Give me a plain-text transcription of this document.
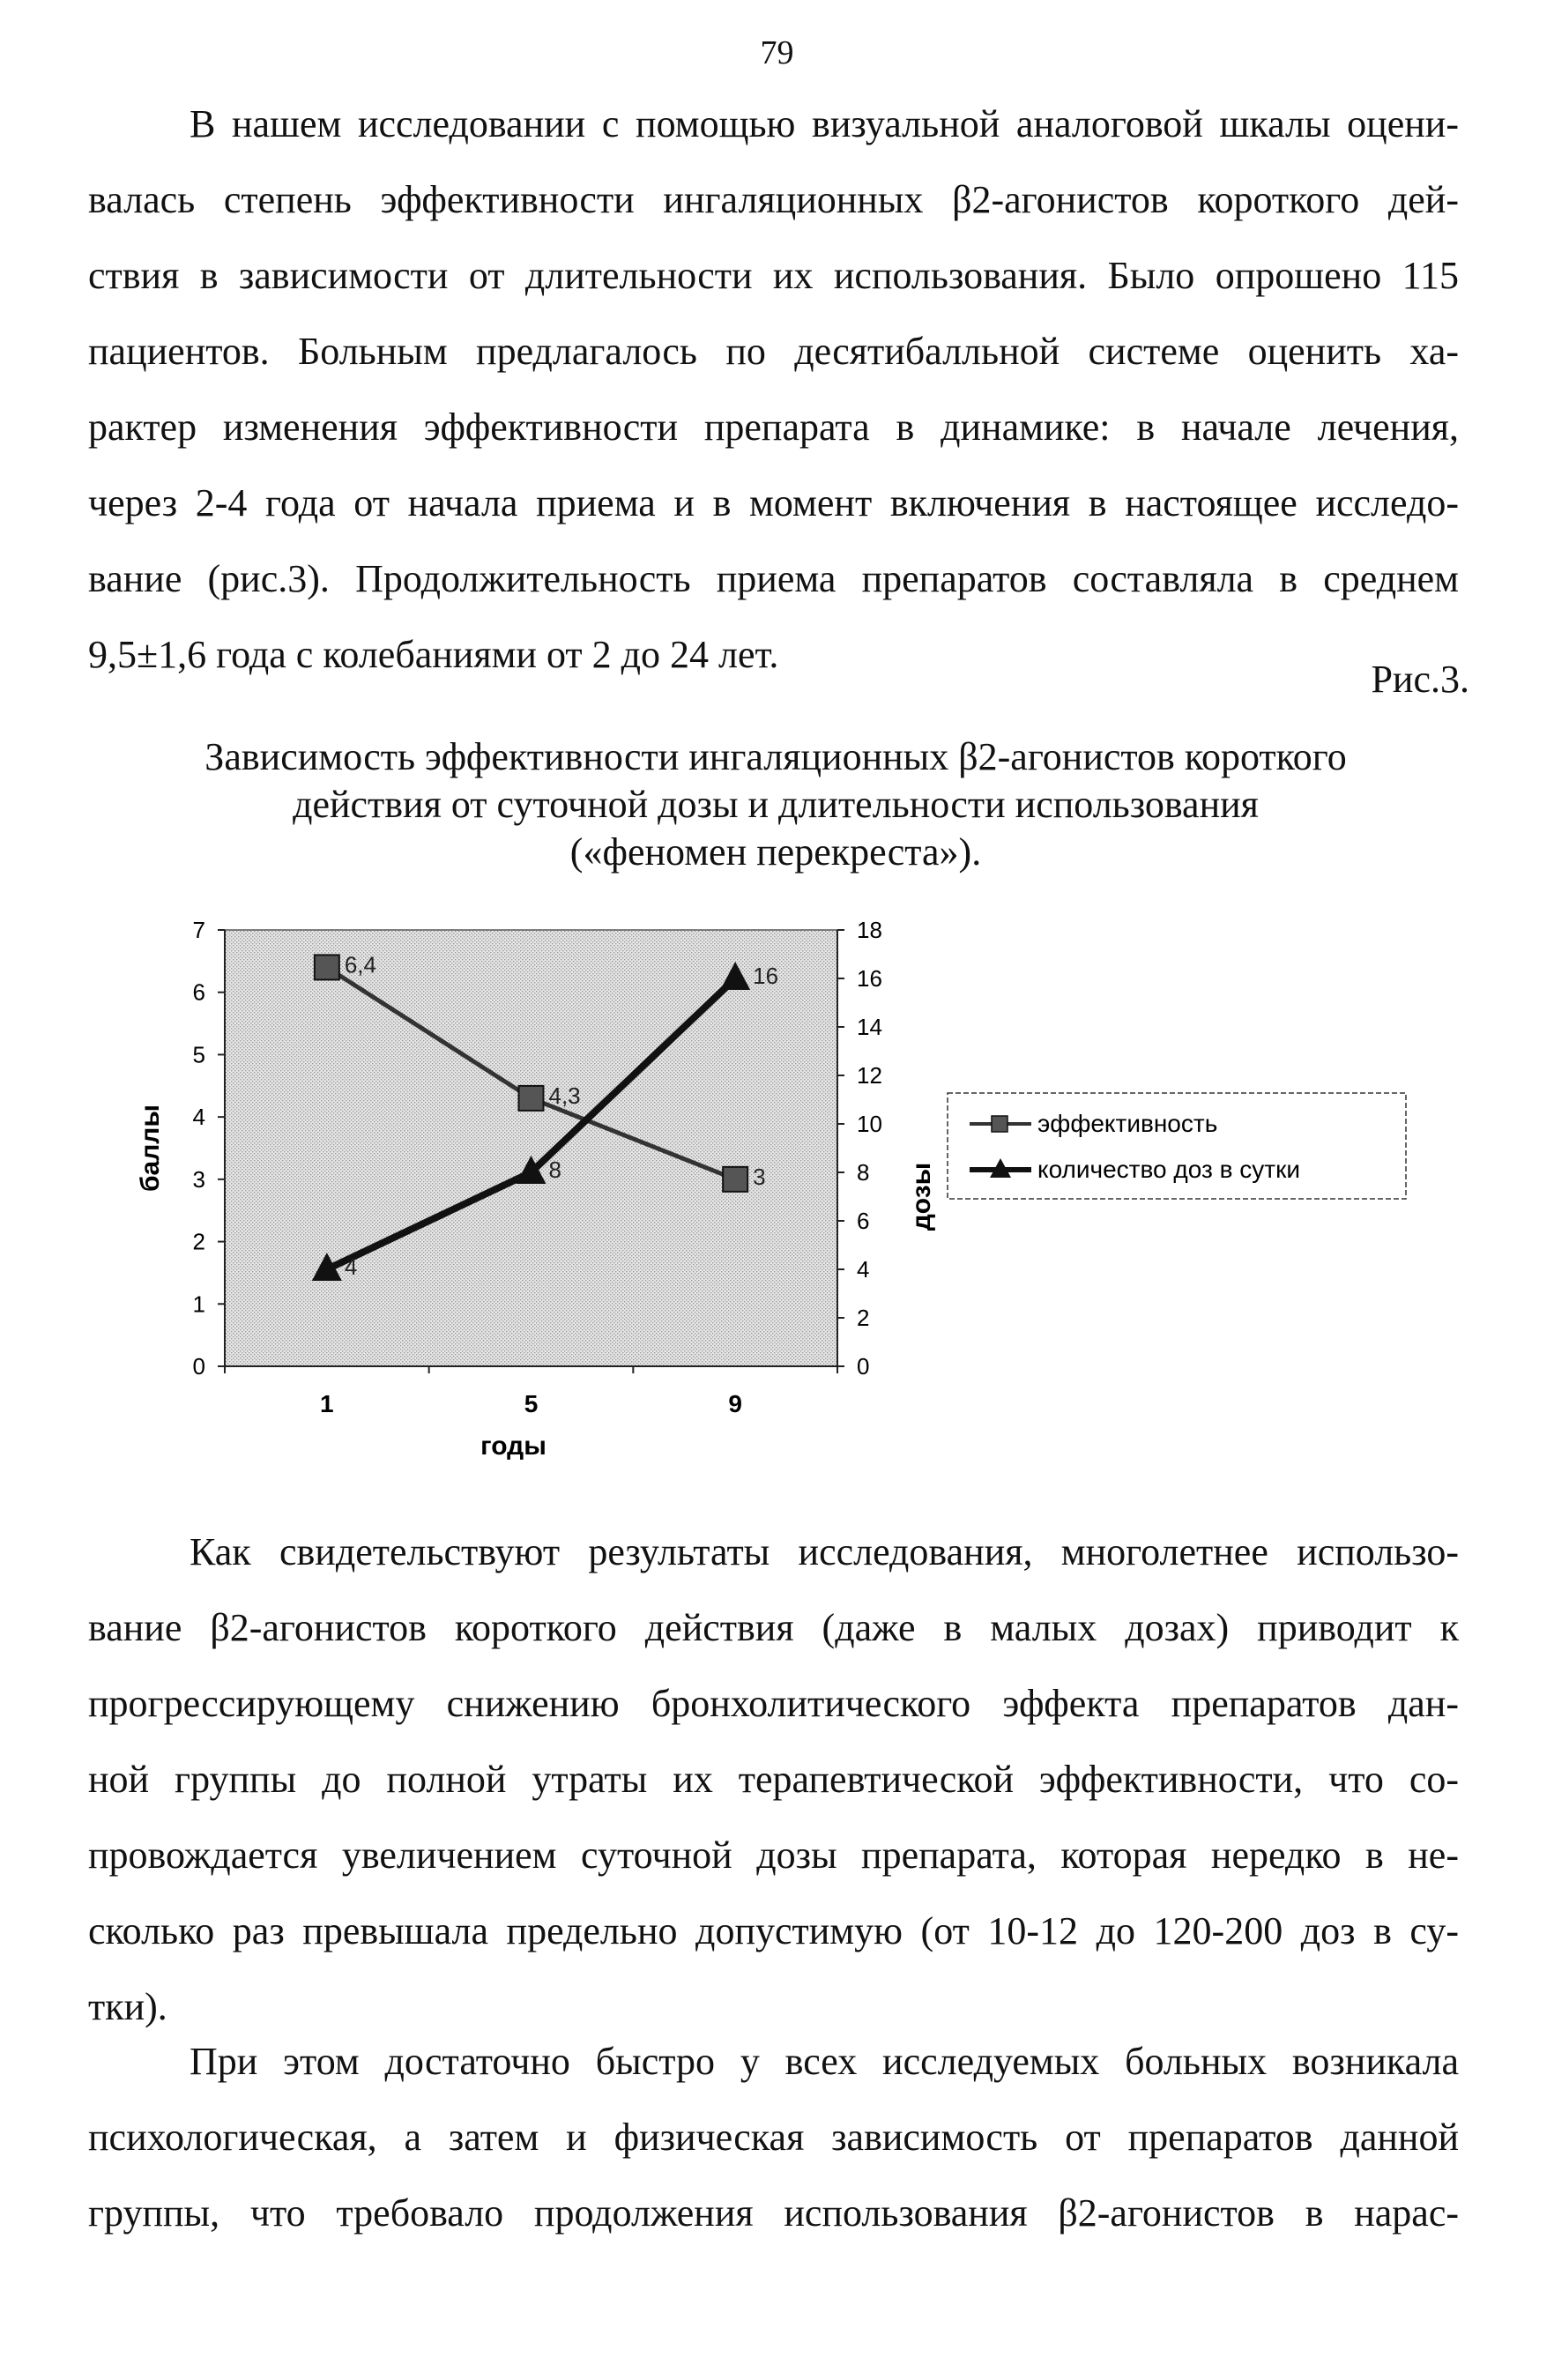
79

В нашем исследовании с помощью визуальной аналоговой шкалы оцени-
валась степень эффективности ингаляционных β2-агонистов короткого дей-
ствия в зависимости от длительности их использования. Было опрошено 115
пациентов. Больным предлагалось по десятибалльной системе оценить ха-
рактер изменения эффективности препарата в динамике: в начале лечения,
через 2-4 года от начала приема и в момент включения в настоящее исследо-
вание (рис.3). Продолжительность приема препаратов составляла в среднем
9,5±1,6 года с колебаниями от 2 до 24 лет.

Рис.3.
Зависимость эффективности ингаляционных β2-агонистов короткого
действия от суточной дозы и длительности использования
(«феномен перекреста»).
0
1
2
3
4
5
6
7
баллы
0
2
4
6
8
10
12
14
16
18
дозы
1	5	9
годы
6,4
4,3
3
4
8
16
эффективность
количество доз в сутки

Как свидетельствуют результаты исследования, многолетнее использо-
вание β2-агонистов короткого действия (даже в малых дозах) приводит к
прогрессирующему снижению бронхолитического эффекта препаратов дан-
ной группы до полной утраты их терапевтической эффективности, что со-
провождается увеличением суточной дозы препарата, которая нередко в не-
сколько раз превышала предельно допустимую (от 10-12 до 120-200 доз в су-
тки).

При этом достаточно быстро у всех исследуемых больных возникала
психологическая, а затем и физическая зависимость от препаратов данной
группы, что требовало продолжения использования β2-агонистов в нарас-
